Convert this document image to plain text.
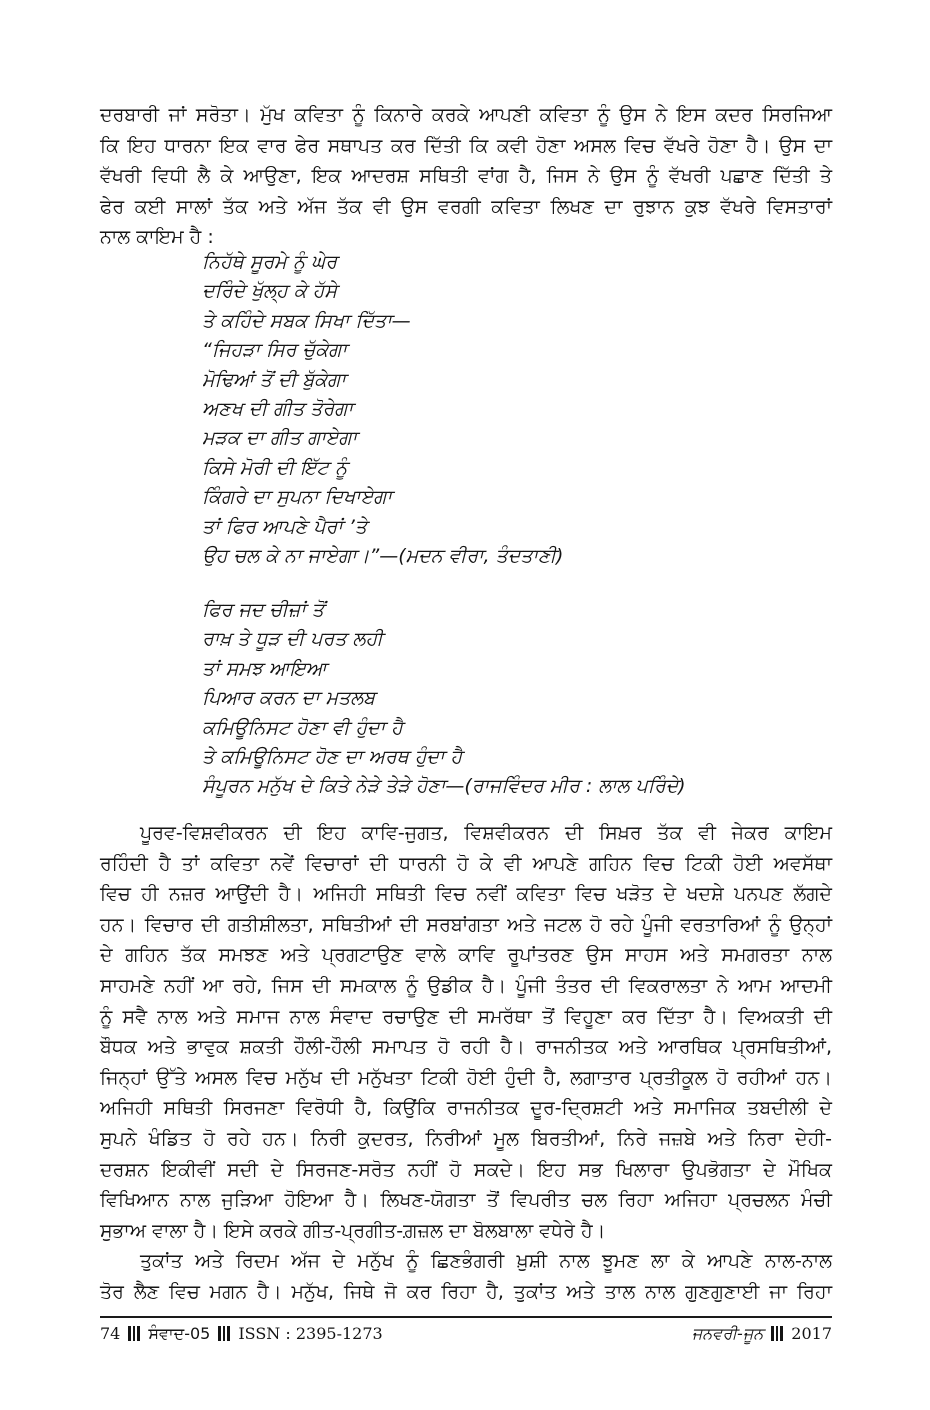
ਦਰਬਾਰੀ ਜਾਂ ਸਰੋਤਾ। ਮੁੱਖ ਕਵਿਤਾ ਨੂੰ ਕਿਨਾਰੇ ਕਰਕੇ ਆਪਣੀ ਕਵਿਤਾ ਨੂੰ ਉਸ ਨੇ ਇਸ ਕਦਰ ਸਿਰਜਿਆ

ਕਿ ਇਹ ਧਾਰਨਾ ਇਕ ਵਾਰ ਫੇਰ ਸਥਾਪਤ ਕਰ ਦਿੱਤੀ ਕਿ ਕਵੀ ਹੋਣਾ ਅਸਲ ਵਿਚ ਵੱਖਰੇ ਹੋਣਾ ਹੈ। ਉਸ ਦਾ

ਵੱਖਰੀ ਵਿਧੀ ਲੈ ਕੇ ਆਉਣਾ, ਇਕ ਆਦਰਸ਼ ਸਥਿਤੀ ਵਾਂਗ ਹੈ, ਜਿਸ ਨੇ ਉਸ ਨੂੰ ਵੱਖਰੀ ਪਛਾਣ ਦਿੱਤੀ ਤੇ

ਫੇਰ ਕਈ ਸਾਲਾਂ ਤੱਕ ਅਤੇ ਅੱਜ ਤੱਕ ਵੀ ਉਸ ਵਰਗੀ ਕਵਿਤਾ ਲਿਖਣ ਦਾ ਰੁਝਾਨ ਕੁਝ ਵੱਖਰੇ ਵਿਸਤਾਰਾਂ

ਨਾਲ ਕਾਇਮ ਹੈ :

ਨਿਹੱਥੇ ਸੂਰਮੇ ਨੂੰ ਘੇਰ
ਦਰਿੰਦੇ ਖੁੱਲ੍ਹ ਕੇ ਹੱਸੇ
ਤੇ ਕਹਿੰਦੇ ਸਬਕ ਸਿਖਾ ਦਿੱਤਾ—
“ਜਿਹੜਾ ਸਿਰ ਚੁੱਕੇਗਾ
ਮੋਢਿਆਂ ਤੋਂ ਦੀ ਬੁੱਕੇਗਾ
ਅਣਖ ਦੀ ਗੀਤ ਤੋਰੇਗਾ
ਮੜਕ ਦਾ ਗੀਤ ਗਾਏਗਾ
ਕਿਸੇ ਮੋਰੀ ਦੀ ਇੱਟ ਨੂੰ
ਕਿੰਗਰੇ ਦਾ ਸੁਪਨਾ ਦਿਖਾਏਗਾ
ਤਾਂ ਫਿਰ ਆਪਣੇ ਪੈਰਾਂ ’ਤੇ
ਉਹ ਚਲ ਕੇ ਨਾ ਜਾਏਗਾ।”—(ਮਦਨ ਵੀਰਾ, ਤੰਦਤਾਣੀ)
ਫਿਰ ਜਦ ਚੀਜ਼ਾਂ ਤੋਂ
ਰਾਖ਼ ਤੇ ਧੂੜ ਦੀ ਪਰਤ ਲਹੀ
ਤਾਂ ਸਮਝ ਆਇਆ
ਪਿਆਰ ਕਰਨ ਦਾ ਮਤਲਬ
ਕਮਿਊਨਿਸਟ ਹੋਣਾ ਵੀ ਹੁੰਦਾ ਹੈ
ਤੇ ਕਮਿਊਨਿਸਟ ਹੋਣ ਦਾ ਅਰਥ ਹੁੰਦਾ ਹੈ
ਸੰਪੂਰਨ ਮਨੁੱਖ ਦੇ ਕਿਤੇ ਨੇੜੇ ਤੇੜੇ ਹੋਣਾ—(ਰਾਜਵਿੰਦਰ ਮੀਰ : ਲਾਲ ਪਰਿੰਦੇ)

ਪੂਰਵ-ਵਿਸ਼ਵੀਕਰਨ ਦੀ ਇਹ ਕਾਵਿ-ਜੁਗਤ, ਵਿਸ਼ਵੀਕਰਨ ਦੀ ਸਿਖ਼ਰ ਤੱਕ ਵੀ ਜੇਕਰ ਕਾਇਮ

ਰਹਿੰਦੀ ਹੈ ਤਾਂ ਕਵਿਤਾ ਨਵੇਂ ਵਿਚਾਰਾਂ ਦੀ ਧਾਰਨੀ ਹੋ ਕੇ ਵੀ ਆਪਣੇ ਗਹਿਨ ਵਿਚ ਟਿਕੀ ਹੋਈ ਅਵਸੱਥਾ

ਵਿਚ ਹੀ ਨਜ਼ਰ ਆਉਂਦੀ ਹੈ। ਅਜਿਹੀ ਸਥਿਤੀ ਵਿਚ ਨਵੀਂ ਕਵਿਤਾ ਵਿਚ ਖੜੋਤ ਦੇ ਖਦਸ਼ੇ ਪਨਪਣ ਲੱਗਦੇ

ਹਨ। ਵਿਚਾਰ ਦੀ ਗਤੀਸ਼ੀਲਤਾ, ਸਥਿਤੀਆਂ ਦੀ ਸਰਬਾਂਗਤਾ ਅਤੇ ਜਟਲ ਹੋ ਰਹੇ ਪੂੰਜੀ ਵਰਤਾਰਿਆਂ ਨੂੰ ਉਨ੍ਹਾਂ

ਦੇ ਗਹਿਨ ਤੱਕ ਸਮਝਣ ਅਤੇ ਪ੍ਰਗਟਾਉਣ ਵਾਲੇ ਕਾਵਿ ਰੂਪਾਂਤਰਣ ਉਸ ਸਾਹਸ ਅਤੇ ਸਮਗਰਤਾ ਨਾਲ

ਸਾਹਮਣੇ ਨਹੀਂ ਆ ਰਹੇ, ਜਿਸ ਦੀ ਸਮਕਾਲ ਨੂੰ ਉਡੀਕ ਹੈ। ਪੂੰਜੀ ਤੰਤਰ ਦੀ ਵਿਕਰਾਲਤਾ ਨੇ ਆਮ ਆਦਮੀ

ਨੂੰ ਸਵੈ ਨਾਲ ਅਤੇ ਸਮਾਜ ਨਾਲ ਸੰਵਾਦ ਰਚਾਉਣ ਦੀ ਸਮਰੱਥਾ ਤੋਂ ਵਿਹੂਣਾ ਕਰ ਦਿੱਤਾ ਹੈ। ਵਿਅਕਤੀ ਦੀ

ਬੌਧਕ ਅਤੇ ਭਾਵੁਕ ਸ਼ਕਤੀ ਹੌਲੀ-ਹੌਲੀ ਸਮਾਪਤ ਹੋ ਰਹੀ ਹੈ। ਰਾਜਨੀਤਕ ਅਤੇ ਆਰਥਿਕ ਪ੍ਰਸਥਿਤੀਆਂ,

ਜਿਨ੍ਹਾਂ ਉੱਤੇ ਅਸਲ ਵਿਚ ਮਨੁੱਖ ਦੀ ਮਨੁੱਖਤਾ ਟਿਕੀ ਹੋਈ ਹੁੰਦੀ ਹੈ, ਲਗਾਤਾਰ ਪ੍ਰਤੀਕੂਲ ਹੋ ਰਹੀਆਂ ਹਨ।

ਅਜਿਹੀ ਸਥਿਤੀ ਸਿਰਜਣਾ ਵਿਰੋਧੀ ਹੈ, ਕਿਉਂਕਿ ਰਾਜਨੀਤਕ ਦੂਰ-ਦ੍ਰਿਸ਼ਟੀ ਅਤੇ ਸਮਾਜਿਕ ਤਬਦੀਲੀ ਦੇ

ਸੁਪਨੇ ਖੰਡਿਤ ਹੋ ਰਹੇ ਹਨ। ਨਿਰੀ ਕੁਦਰਤ, ਨਿਰੀਆਂ ਮੂਲ ਬਿਰਤੀਆਂ, ਨਿਰੇ ਜਜ਼ਬੇ ਅਤੇ ਨਿਰਾ ਦੇਹੀ-

ਦਰਸ਼ਨ ਇਕੀਵੀਂ ਸਦੀ ਦੇ ਸਿਰਜਣ-ਸਰੋਤ ਨਹੀਂ ਹੋ ਸਕਦੇ। ਇਹ ਸਭ ਖਿਲਾਰਾ ਉਪਭੋਗਤਾ ਦੇ ਮੌਖਿਕ

ਵਿਖਿਆਨ ਨਾਲ ਜੁੜਿਆ ਹੋਇਆ ਹੈ। ਲਿਖਣ-ਯੋਗਤਾ ਤੋਂ ਵਿਪਰੀਤ ਚਲ ਰਿਹਾ ਅਜਿਹਾ ਪ੍ਰਚਲਨ ਮੰਚੀ

ਸੁਭਾਅ ਵਾਲਾ ਹੈ। ਇਸੇ ਕਰਕੇ ਗੀਤ-ਪ੍ਰਗੀਤ-ਗ਼ਜ਼ਲ ਦਾ ਬੋਲਬਾਲਾ ਵਧੇਰੇ ਹੈ।

ਤੁਕਾਂਤ ਅਤੇ ਰਿਦਮ ਅੱਜ ਦੇ ਮਨੁੱਖ ਨੂੰ ਛਿਣਭੰਗਰੀ ਖ਼ੁਸ਼ੀ ਨਾਲ ਝੂਮਣ ਲਾ ਕੇ ਆਪਣੇ ਨਾਲ-ਨਾਲ

ਤੋਰ ਲੈਣ ਵਿਚ ਮਗਨ ਹੈ। ਮਨੁੱਖ, ਜਿਥੇ ਜੋ ਕਰ ਰਿਹਾ ਹੈ, ਤੁਕਾਂਤ ਅਤੇ ਤਾਲ ਨਾਲ ਗੁਣਗੁਣਾਈ ਜਾ ਰਿਹਾ

74 ਸੰਵਾਦ-05 ISSN : 2395-1273	ਜਨਵਰੀ-ਜੂਨ 2017
